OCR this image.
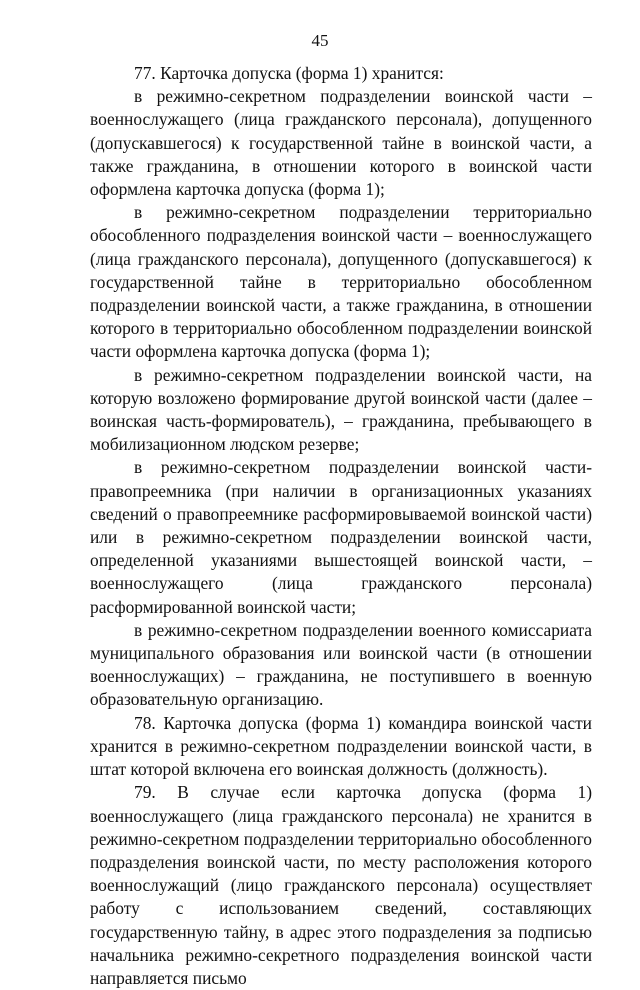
45

77. Карточка допуска (форма 1) хранится:

в режимно-секретном подразделении воинской части – военнослужащего (лица гражданского персонала), допущенного (допускавшегося) к государственной тайне в воинской части, а также гражданина, в отношении которого в воинской части оформлена карточка допуска (форма 1);

в режимно-секретном подразделении территориально обособленного подразделения воинской части – военнослужащего (лица гражданского персонала), допущенного (допускавшегося) к государственной тайне в территориально обособленном подразделении воинской части, а также гражданина, в отношении которого в территориально обособленном подразделении воинской части оформлена карточка допуска (форма 1);

в режимно-секретном подразделении воинской части, на которую возложено формирование другой воинской части (далее – воинская часть-формирователь), – гражданина, пребывающего в мобилизационном людском резерве;

в режимно-секретном подразделении воинской части-правопреемника (при наличии в организационных указаниях сведений о правопреемнике расформировываемой воинской части) или в режимно-секретном подразделении воинской части, определенной указаниями вышестоящей воинской части, – военнослужащего (лица гражданского персонала) расформированной воинской части;

в режимно-секретном подразделении военного комиссариата муниципального образования или воинской части (в отношении военнослужащих) – гражданина, не поступившего в военную образовательную организацию.

78. Карточка допуска (форма 1) командира воинской части хранится в режимно-секретном подразделении воинской части, в штат которой включена его воинская должность (должность).

79. В случае если карточка допуска (форма 1) военнослужащего (лица гражданского персонала) не хранится в режимно-секретном подразделении территориально обособленного подразделения воинской части, по месту расположения которого военнослужащий (лицо гражданского персонала) осуществляет работу с использованием сведений, составляющих государственную тайну, в адрес этого подразделения за подписью начальника режимно-секретного подразделения воинской части направляется письмо
